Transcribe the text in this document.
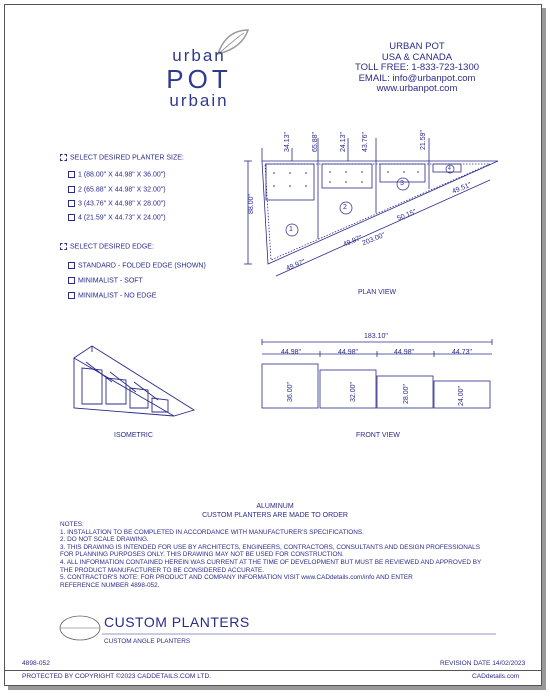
urban
POT
urbain
URBAN POT
USA & CANADA
TOLL FREE: 1-833-723-1300
EMAIL: info@urbanpot.com
www.urbanpot.com
SELECT DESIRED PLANTER SIZE:
1 (88.00" X 44.98" X 36.00")
2 (65.88" X 44.98" X 32.00")
3 (43.76" X 44.98" X 28.00")
4 (21.59" X 44.73" X 24.00")
SELECT DESIRED EDGE:
STANDARD - FOLDED EDGE (SHOWN)
MINIMALIST - SOFT
MINIMALIST - NO EDGE
1
2
3
4
88.00"
34.13"	65.88"	24.13" 43.76"	21.59"
49.97"
49.97"
50.15"
49.51"
203.00"
PLAN VIEW
ISOMETRIC
183.10"
44.98"	44.98"	44.98"	44.73"
36.00"	32.00"	28.00"	24.00"
FRONT VIEW
ALUMINUM
CUSTOM PLANTERS ARE MADE TO ORDER
NOTES:
1. INSTALLATION TO BE COMPLETED IN ACCORDANCE WITH MANUFACTURER'S SPECIFICATIONS.
2. DO NOT SCALE DRAWING.
3. THIS DRAWING IS INTENDED FOR USE BY ARCHITECTS, ENGINEERS, CONTRACTORS, CONSULTANTS AND DESIGN PROFESSIONALS
FOR PLANNING PURPOSES ONLY. THIS DRAWING MAY NOT BE USED FOR CONSTRUCTION.
4. ALL INFORMATION CONTAINED HEREIN WAS CURRENT AT THE TIME OF DEVELOPMENT BUT MUST BE REVIEWED AND APPROVED BY
THE PRODUCT MANUFACTURER TO BE CONSIDERED ACCURATE.
5. CONTRACTOR'S NOTE: FOR PRODUCT AND COMPANY INFORMATION VISIT www.CADdetails.com/info AND ENTER
REFERENCE NUMBER 4898-052.
CUSTOM PLANTERS
CUSTOM ANGLE PLANTERS
4898-052	REVISION DATE 14/02/2023
PROTECTED BY COPYRIGHT ©2023 CADDETAILS.COM LTD.	CADdetails.com
